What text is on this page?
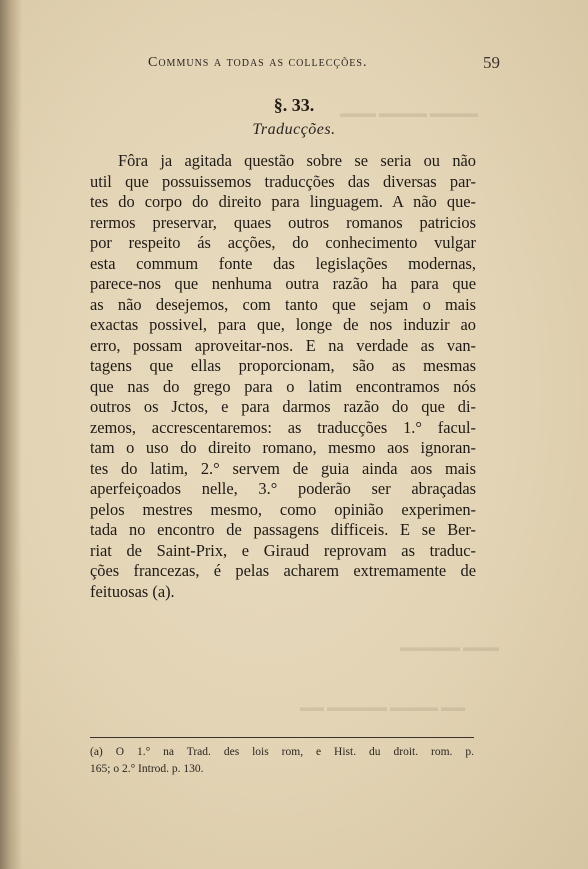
▬▬▬ ▬▬▬▬ ▬▬▬▬
▬▬▬▬▬ ▬▬▬
▬▬ ▬▬▬▬▬ ▬▬▬▬ ▬▬
Communs a todas as collecções.	59
§. 33.
Traducções.
Fôra ja agitada questão sobre se seria ou não
util que possuissemos traducções das diversas par-
tes do corpo do direito para linguagem. A não que-
rermos preservar, quaes outros romanos patricios
por respeito ás acções, do conhecimento vulgar
esta commum fonte das legislações modernas,
parece-nos que nenhuma outra razão ha para que
as não desejemos, com tanto que sejam o mais
exactas possivel, para que, longe de nos induzir ao
erro, possam aproveitar-nos. E na verdade as van-
tagens que ellas proporcionam, são as mesmas
que nas do grego para o latim encontramos nós
outros os Jctos, e para darmos razão do que di-
zemos, accrescentaremos: as traducções 1.° facul-
tam o uso do direito romano, mesmo aos ignoran-
tes do latim, 2.° servem de guia ainda aos mais
aperfeiçoados nelle, 3.° poderão ser abraçadas
pelos mestres mesmo, como opinião experimen-
tada no encontro de passagens difficeis. E se Ber-
riat de Saint-Prix, e Giraud reprovam as traduc-
ções francezas, é pelas acharem extremamente de
feituosas (a).
(a) O 1.° na Trad. des lois rom, e Hist. du droit. rom. p.
165; o 2.° Introd. p. 130.
